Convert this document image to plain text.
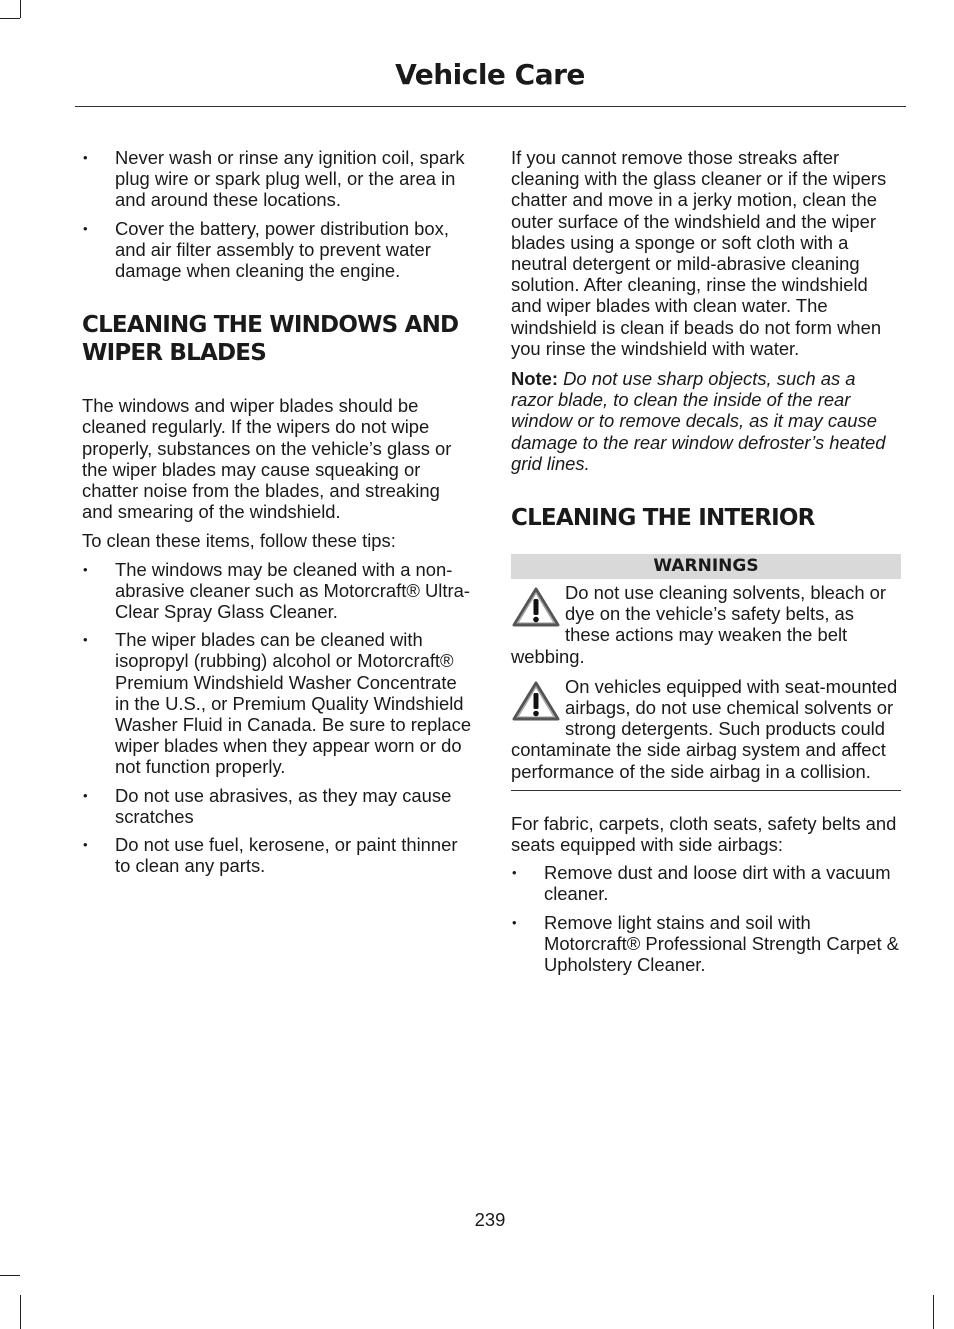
Vehicle Care
• Never wash or rinse any ignition coil, spark plug wire or spark plug well, or the area in and around these locations.
• Cover the battery, power distribution box, and air filter assembly to prevent water damage when cleaning the engine.
CLEANING THE WINDOWS AND WIPER BLADES

The windows and wiper blades should be cleaned regularly. If the wipers do not wipe properly, substances on the vehicle’s glass or the wiper blades may cause squeaking or chatter noise from the blades, and streaking and smearing of the windshield.

To clean these items, follow these tips:

• The windows may be cleaned with a non-abrasive cleaner such as Motorcraft® Ultra-Clear Spray Glass Cleaner.
• The wiper blades can be cleaned with isopropyl (rubbing) alcohol or Motorcraft® Premium Windshield Washer Concentrate in the U.S., or Premium Quality Windshield Washer Fluid in Canada. Be sure to replace wiper blades when they appear worn or do not function properly.
• Do not use abrasives, as they may cause scratches
• Do not use fuel, kerosene, or paint thinner to clean any parts.

If you cannot remove those streaks after cleaning with the glass cleaner or if the wipers chatter and move in a jerky motion, clean the outer surface of the windshield and the wiper blades using a sponge or soft cloth with a neutral detergent or mild-abrasive cleaning solution. After cleaning, rinse the windshield and wiper blades with clean water. The windshield is clean if beads do not form when you rinse the windshield with water.

Note: Do not use sharp objects, such as a razor blade, to clean the inside of the rear window or to remove decals, as it may cause damage to the rear window defroster’s heated grid lines.

CLEANING THE INTERIOR
WARNINGS
Do not use cleaning solvents, bleach or dye on the vehicle’s safety belts, as these actions may weaken the belt webbing.
On vehicles equipped with seat-mounted airbags, do not use chemical solvents or strong detergents. Such products could contaminate the side airbag system and affect performance of the side airbag in a collision.

For fabric, carpets, cloth seats, safety belts and seats equipped with side airbags:

• Remove dust and loose dirt with a vacuum cleaner.
• Remove light stains and soil with Motorcraft® Professional Strength Carpet & Upholstery Cleaner.
239
